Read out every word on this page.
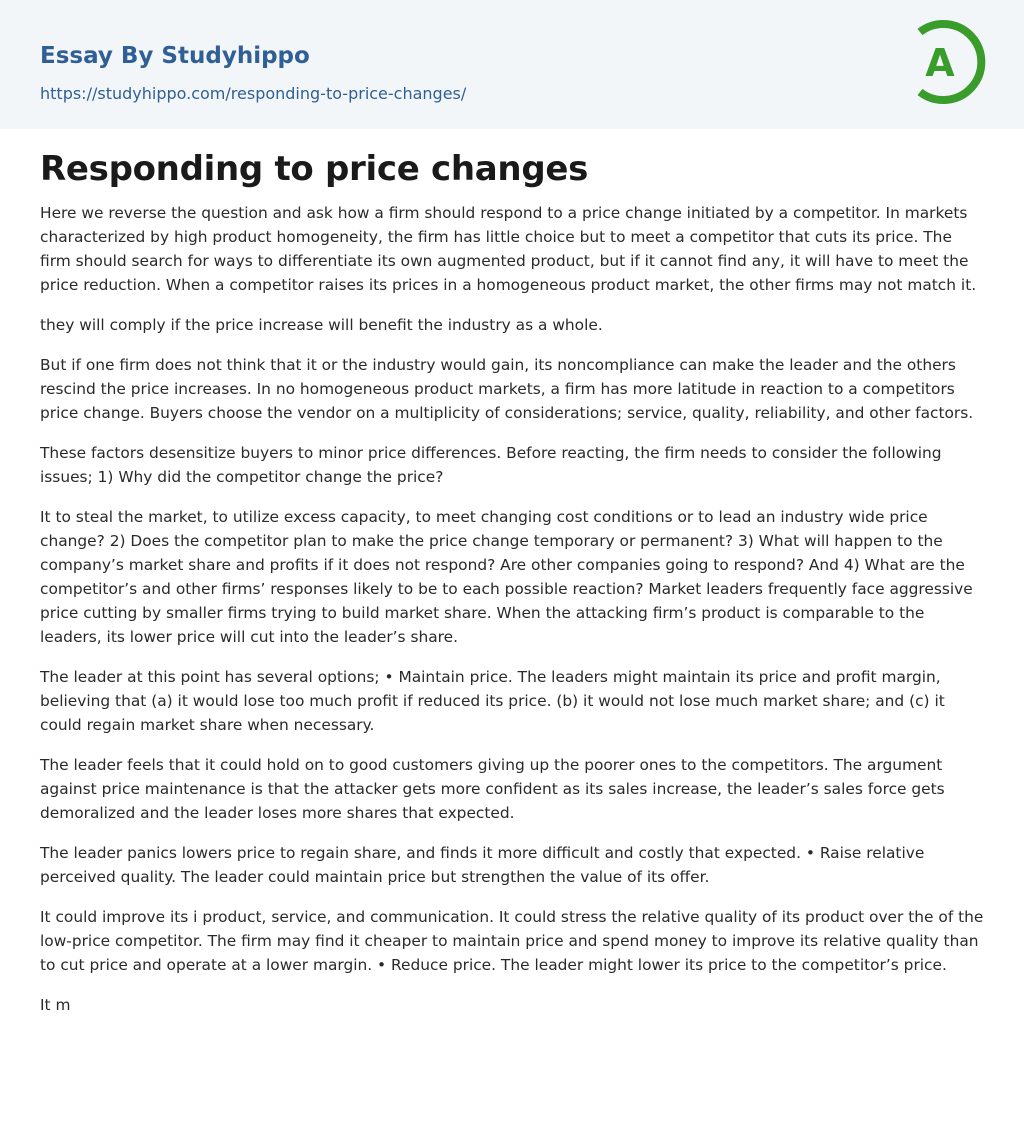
Essay By Studyhippo
https://studyhippo.com/responding-to-price-changes/
A
Responding to price changes

Here we reverse the question and ask how a firm should respond to a price change initiated by a competitor. In markets characterized by high product homogeneity, the firm has little choice but to meet a competitor that cuts its price. The firm should search for ways to differentiate its own augmented product, but if it cannot find any, it will have to meet the price reduction. When a competitor raises its prices in a homogeneous product market, the other firms may not match it.

they will comply if the price increase will benefit the industry as a whole.

But if one firm does not think that it or the industry would gain, its noncompliance can make the leader and the others rescind the price increases. In no homogeneous product markets, a firm has more latitude in reaction to a competitors price change. Buyers choose the vendor on a multiplicity of considerations; service, quality, reliability, and other factors.

These factors desensitize buyers to minor price differences. Before reacting, the firm needs to consider the following issues; 1) Why did the competitor change the price?

It to steal the market, to utilize excess capacity, to meet changing cost conditions or to lead an industry wide price change? 2) Does the competitor plan to make the price change temporary or permanent? 3) What will happen to the company’s market share and profits if it does not respond? Are other companies going to respond? And 4) What are the competitor’s and other firms’ responses likely to be to each possible reaction? Market leaders frequently face aggressive price cutting by smaller firms trying to build market share. When the attacking firm’s product is comparable to the leaders, its lower price will cut into the leader’s share.

The leader at this point has several options; • Maintain price. The leaders might maintain its price and profit margin, believing that (a) it would lose too much profit if reduced its price. (b) it would not lose much market share; and (c) it could regain market share when necessary.

The leader feels that it could hold on to good customers giving up the poorer ones to the competitors. The argument against price maintenance is that the attacker gets more confident as its sales increase, the leader’s sales force gets demoralized and the leader loses more shares that expected.

The leader panics lowers price to regain share, and finds it more difficult and costly that expected. • Raise relative perceived quality. The leader could maintain price but strengthen the value of its offer.

It could improve its i product, service, and communication. It could stress the relative quality of its product over the of the low-price competitor. The firm may find it cheaper to maintain price and spend money to improve its relative quality than to cut price and operate at a lower margin. • Reduce price. The leader might lower its price to the competitor’s price.

It m
